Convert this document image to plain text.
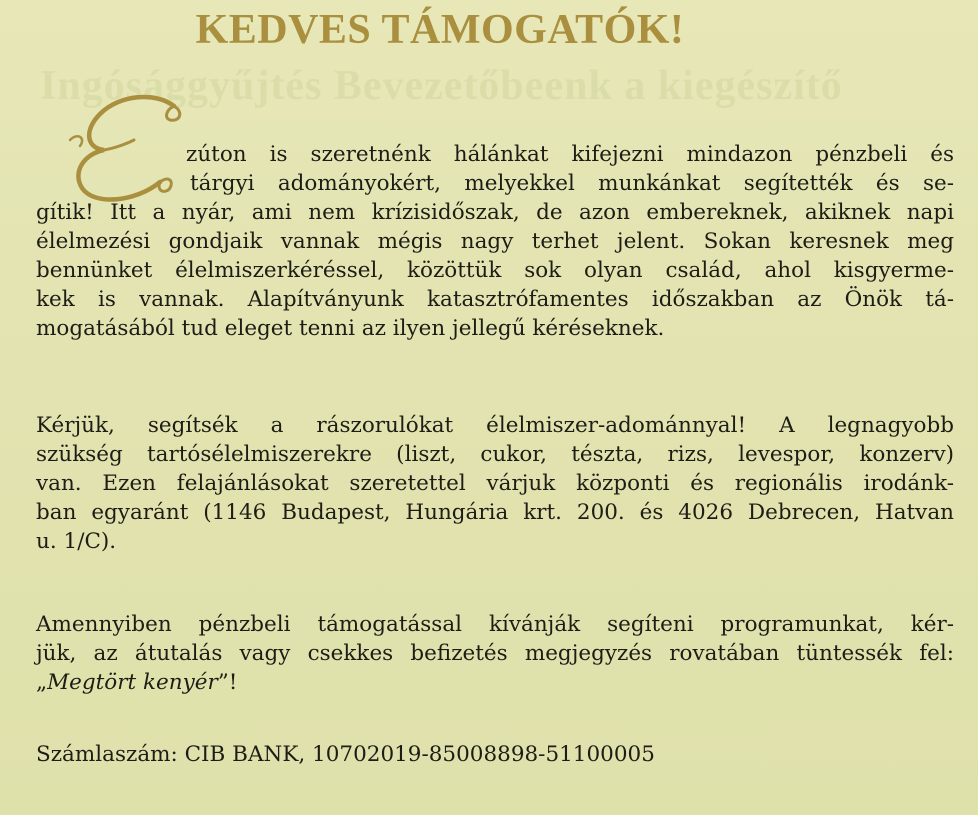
Ingósággyűjtés Bevezetőbeenk a kiegészítő
KEDVES TÁMOGATÓK!

zúton is szeretnénk hálánkat kifejezni mindazon pénzbeli és
tárgyi adományokért, melyekkel munkánkat segítették és se-
gítik! Itt a nyár, ami nem krízisidőszak, de azon embereknek, akiknek napi
élelmezési gondjaik vannak mégis nagy terhet jelent. Sokan keresnek meg
bennünket élelmiszerkéréssel, közöttük sok olyan család, ahol kisgyerme-
kek is vannak. Alapítványunk katasztrófamentes időszakban az Önök tá-
mogatásából tud eleget tenni az ilyen jellegű kéréseknek.

Kérjük, segítsék a rászorulókat élelmiszer-adománnyal! A legnagyobb
szükség tartósélelmiszerekre (liszt, cukor, tészta, rizs, levespor, konzerv)
van. Ezen felajánlásokat szeretettel várjuk központi és regionális irodánk-
ban egyaránt (1146 Budapest, Hungária krt. 200. és 4026 Debrecen, Hatvan
u. 1/C).

Amennyiben pénzbeli támogatással kívánják segíteni programunkat, kér-
jük, az átutalás vagy csekkes befizetés megjegyzés rovatában tüntessék fel:
„Megtört kenyér”!

Számlaszám: CIB BANK, 10702019-85008898-51100005
